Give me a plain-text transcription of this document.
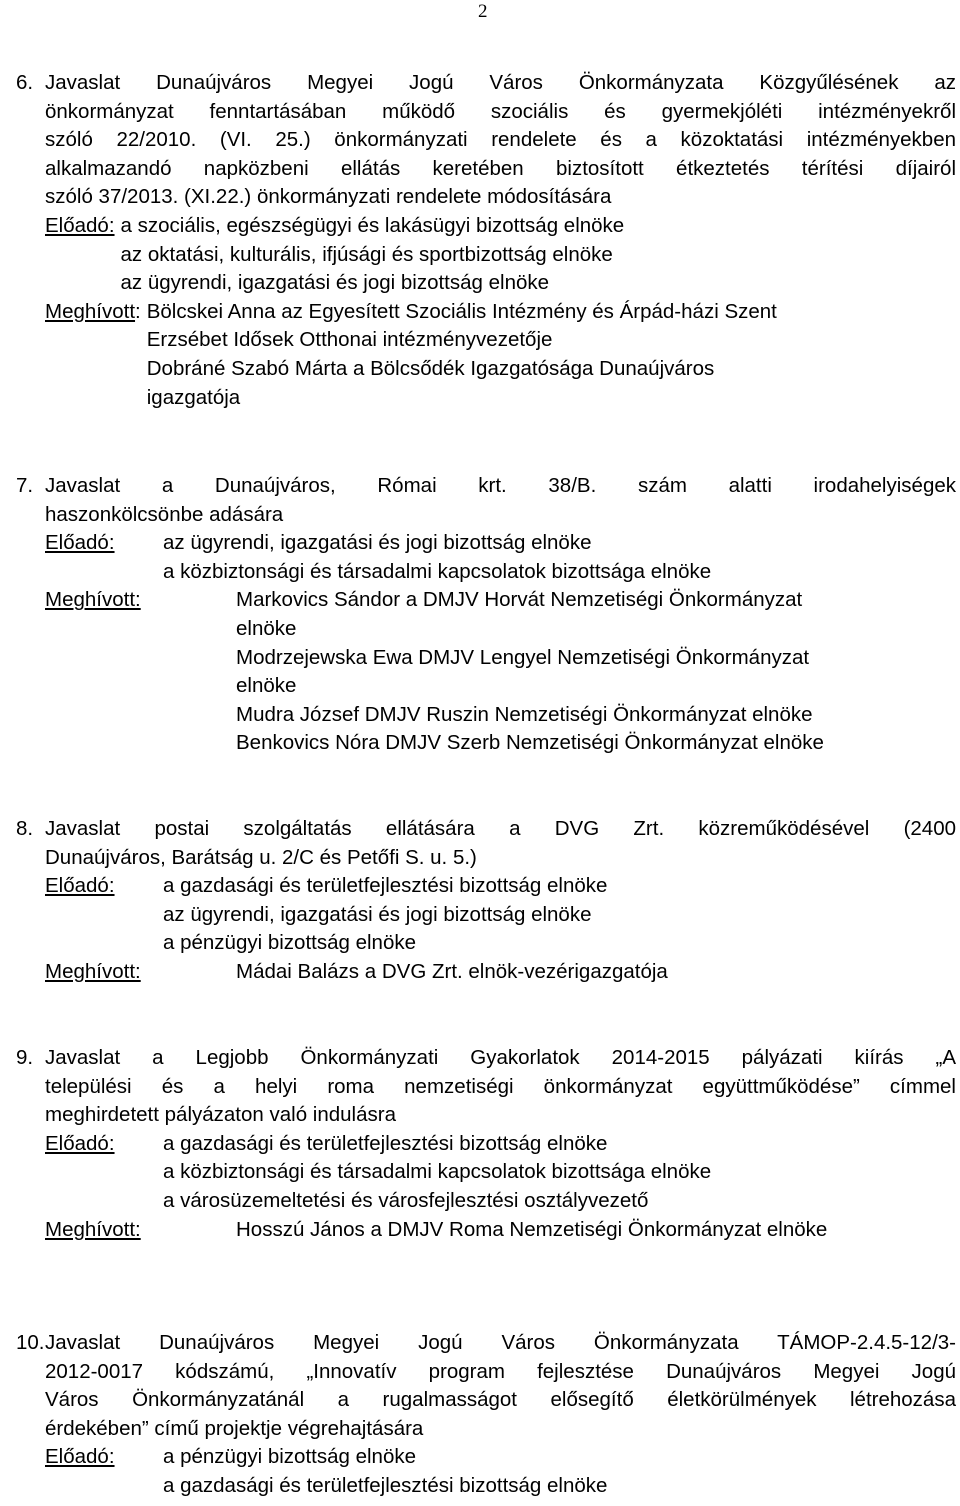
2
6. Javaslat Dunaújváros Megyei Jogú Város Önkormányzata Közgyűlésének az
önkormányzat fenntartásában működő szociális és gyermekjóléti intézményekről
szóló 22/2010. (VI. 25.) önkormányzati rendelete és a közoktatási intézményekben
alkalmazandó napközbeni ellátás keretében biztosított étkeztetés térítési díjairól
szóló 37/2013. (XI.22.) önkormányzati rendelete módosítására
Előadó: a szociális, egészségügyi és lakásügyi bizottság elnöke
az oktatási, kulturális, ifjúsági és sportbizottság elnöke
az ügyrendi, igazgatási és jogi bizottság elnöke
Meghívott: Bölcskei Anna az Egyesített Szociális Intézmény és Árpád-házi Szent
Erzsébet Idősek Otthonai intézményvezetője
Dobráné Szabó Márta a Bölcsődék Igazgatósága Dunaújváros
igazgatója
7. Javaslat a Dunaújváros, Római krt. 38/B. szám alatti irodahelyiségek
haszonkölcsönbe adására
Előadó:	az ügyrendi, igazgatási és jogi bizottság elnöke
a közbiztonsági és társadalmi kapcsolatok bizottsága elnöke
Meghívott:	Markovics Sándor a DMJV Horvát Nemzetiségi Önkormányzat
elnöke
Modrzejewska Ewa DMJV Lengyel Nemzetiségi Önkormányzat
elnöke
Mudra József DMJV Ruszin Nemzetiségi Önkormányzat elnöke
Benkovics Nóra DMJV Szerb Nemzetiségi Önkormányzat elnöke
8. Javaslat postai szolgáltatás ellátására a DVG Zrt. közreműködésével (2400
Dunaújváros, Barátság u. 2/C és Petőfi S. u. 5.)
Előadó:	a gazdasági és területfejlesztési bizottság elnöke
az ügyrendi, igazgatási és jogi bizottság elnöke
a pénzügyi bizottság elnöke
Meghívott:	Mádai Balázs a DVG Zrt. elnök-vezérigazgatója
9. Javaslat a Legjobb Önkormányzati Gyakorlatok 2014-2015 pályázati kiírás „A
települési és a helyi roma nemzetiségi önkormányzat együttműködése” címmel
meghirdetett pályázaton való indulásra
Előadó:	a gazdasági és területfejlesztési bizottság elnöke
a közbiztonsági és társadalmi kapcsolatok bizottsága elnöke
a városüzemeltetési és városfejlesztési osztályvezető
Meghívott:	Hosszú János a DMJV Roma Nemzetiségi Önkormányzat elnöke
10. Javaslat Dunaújváros Megyei Jogú Város Önkormányzata TÁMOP-2.4.5-12/3-
2012-0017 kódszámú, „Innovatív program fejlesztése Dunaújváros Megyei Jogú
Város Önkormányzatánál a rugalmasságot elősegítő életkörülmények létrehozása
érdekében” című projektje végrehajtására
Előadó:	a pénzügyi bizottság elnöke
a gazdasági és területfejlesztési bizottság elnöke
